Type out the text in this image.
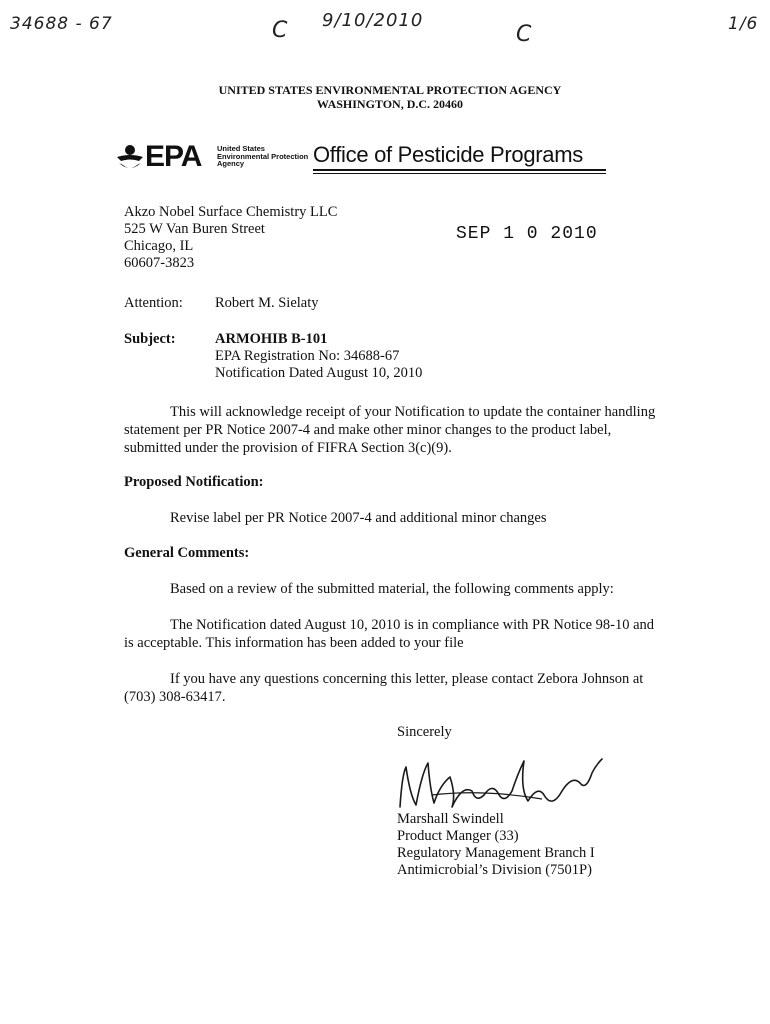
34688 - 67	C 9/10/2010
C	1/6
UNITED STATES ENVIRONMENTAL PROTECTION AGENCY
WASHINGTON, D.C. 20460
EPA United States
Environmental Protection
Agency	Office of Pesticide Programs
Akzo Nobel Surface Chemistry LLC
525 W Van Buren Street
Chicago, IL
60607-3823
SEP 1 0 2010
Attention: Robert M. Sielaty
Subject:	ARMOHIB B-101
EPA Registration No: 34688-67
Notification Dated August 10, 2010
This will acknowledge receipt of your Notification to update the container handling statement per PR Notice 2007-4 and make other minor changes to the product label, submitted under the provision of FIFRA Section 3(c)(9).
Proposed Notification:
Revise label per PR Notice 2007-4 and additional minor changes
General Comments:
Based on a review of the submitted material, the following comments apply:
The Notification dated August 10, 2010 is in compliance with PR Notice 98-10 and is acceptable. This information has been added to your file
If you have any questions concerning this letter, please contact Zebora Johnson at (703) 308-63417.
Sincerely
Marshall Swindell
Product Manger (33)
Regulatory Management Branch I
Antimicrobial’s Division (7501P)
